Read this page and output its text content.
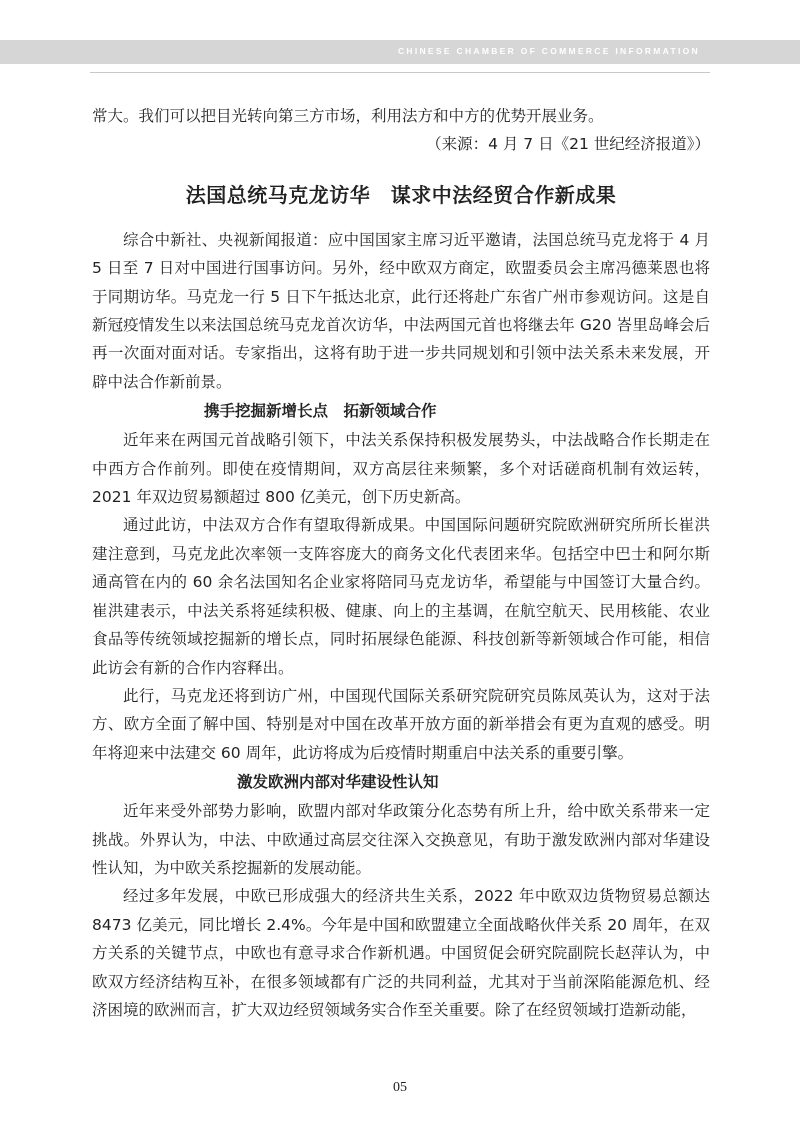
CHINESE CHAMBER OF COMMERCE INFORMATION

常大。我们可以把目光转向第三方市场，利用法方和中方的优势开展业务。

（来源：4 月 7 日《21 世纪经济报道》）
法国总统马克龙访华　谋求中法经贸合作新成果

综合中新社、央视新闻报道：应中国国家主席习近平邀请，法国总统马克龙将于 4 月 5 日至 7 日对中国进行国事访问。另外，经中欧双方商定，欧盟委员会主席冯德莱恩也将于同期访华。马克龙一行 5 日下午抵达北京，此行还将赴广东省广州市参观访问。这是自新冠疫情发生以来法国总统马克龙首次访华，中法两国元首也将继去年 G20 峇里岛峰会后再一次面对面对话。专家指出，这将有助于进一步共同规划和引领中法关系未来发展，开辟中法合作新前景。

携手挖掘新增长点　拓新领域合作

近年来在两国元首战略引领下，中法关系保持积极发展势头，中法战略合作长期走在中西方合作前列。即使在疫情期间，双方高层往来频繁，多个对话磋商机制有效运转，2021 年双边贸易额超过 800 亿美元，创下历史新高。

通过此访，中法双方合作有望取得新成果。中国国际问题研究院欧洲研究所所长崔洪建注意到，马克龙此次率领一支阵容庞大的商务文化代表团来华。包括空中巴士和阿尔斯通高管在内的 60 余名法国知名企业家将陪同马克龙访华，希望能与中国签订大量合约。崔洪建表示，中法关系将延续积极、健康、向上的主基调，在航空航天、民用核能、农业食品等传统领域挖掘新的增长点，同时拓展绿色能源、科技创新等新领域合作可能，相信此访会有新的合作内容释出。

此行，马克龙还将到访广州，中国现代国际关系研究院研究员陈凤英认为，这对于法方、欧方全面了解中国、特别是对中国在改革开放方面的新举措会有更为直观的感受。明年将迎来中法建交 60 周年，此访将成为后疫情时期重启中法关系的重要引擎。

激发欧洲内部对华建设性认知

近年来受外部势力影响，欧盟内部对华政策分化态势有所上升，给中欧关系带来一定挑战。外界认为，中法、中欧通过高层交往深入交换意见，有助于激发欧洲内部对华建设性认知，为中欧关系挖掘新的发展动能。

经过多年发展，中欧已形成强大的经济共生关系，2022 年中欧双边货物贸易总额达 8473 亿美元，同比增长 2.4%。今年是中国和欧盟建立全面战略伙伴关系 20 周年，在双方关系的关键节点，中欧也有意寻求合作新机遇。中国贸促会研究院副院长赵萍认为，中欧双方经济结构互补，在很多领域都有广泛的共同利益，尤其对于当前深陷能源危机、经济困境的欧洲而言，扩大双边经贸领域务实合作至关重要。除了在经贸领域打造新动能，

05
